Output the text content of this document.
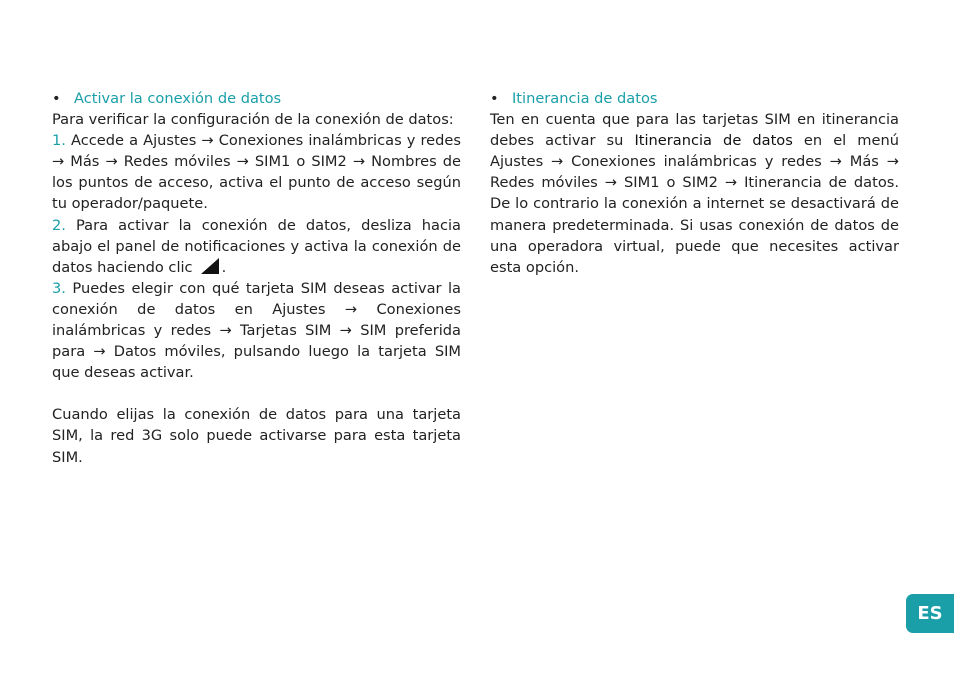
• Activar la conexión de datos
Para verificar la configuración de la conexión de datos:
1. Accede a Ajustes → Conexiones inalámbricas y redes → Más → Redes móviles → SIM1 o SIM2 → Nombres de los puntos de acceso, activa el punto de acceso según tu operador/paquete.
2. Para activar la conexión de datos, desliza hacia abajo el panel de notificaciones y activa la conexión de datos haciendo clic .
3. Puedes elegir con qué tarjeta SIM deseas activar la conexión de datos en Ajustes → Conexiones inalámbricas y redes → Tarjetas SIM → SIM preferida para → Datos móviles, pulsando luego la tarjeta SIM que deseas activar.
Cuando elijas la conexión de datos para una tarjeta SIM, la red 3G solo puede activarse para esta tarjeta SIM.
• Itinerancia de datos
Ten en cuenta que para las tarjetas SIM en itinerancia debes activar su Itinerancia de datos en el menú Ajustes → Conexiones inalámbricas y redes → Más → Redes móviles → SIM1 o SIM2 → Itinerancia de datos. De lo contrario la conexión a internet se desactivará de manera predeterminada. Si usas conexión de datos de una operadora virtual, puede que necesites activar esta opción.
ES
